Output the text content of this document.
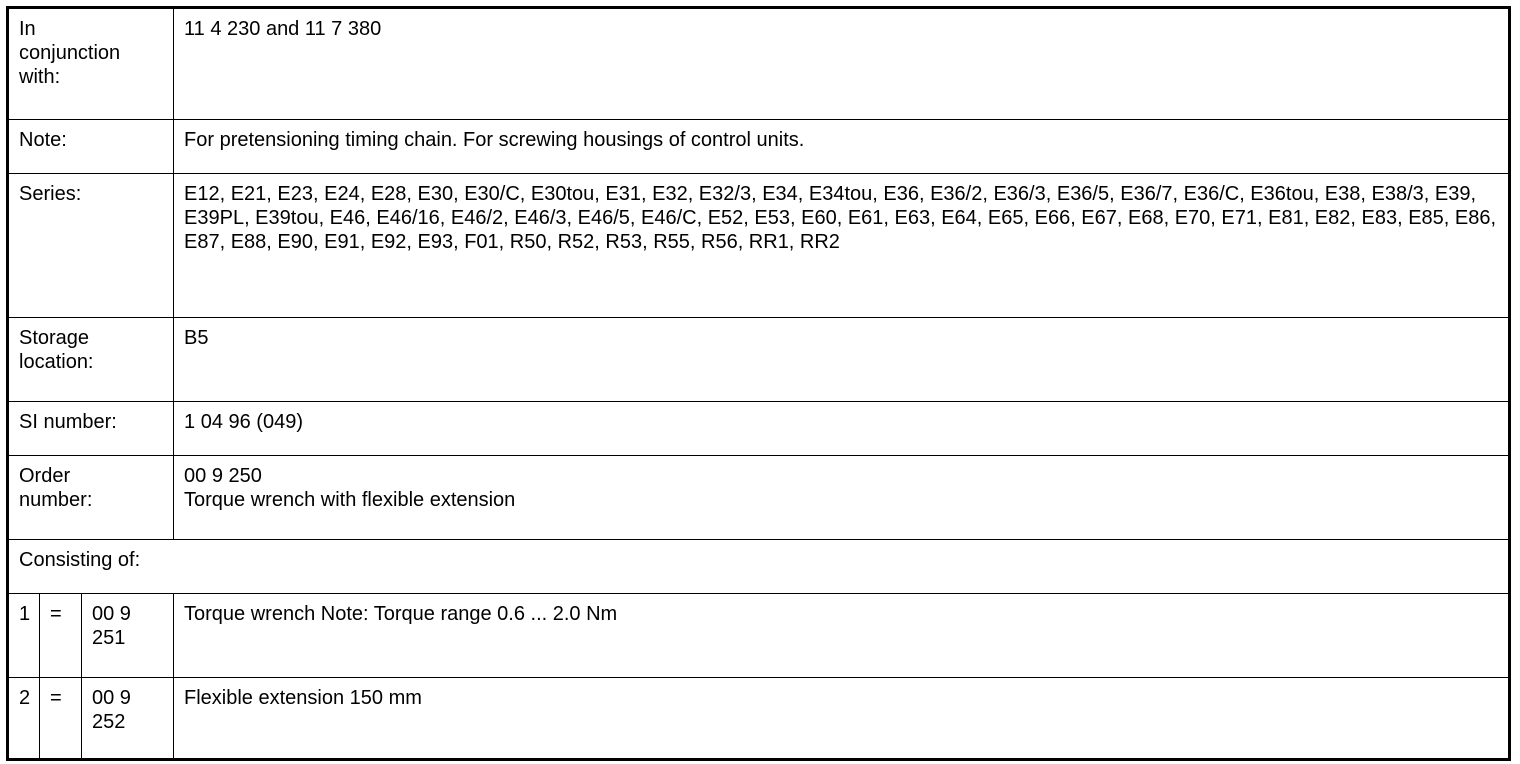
In conjunction with:			11 4 230 and 11 7 380
Note:			For pretensioning timing chain. For screwing housings of control units.
Series:			E12, E21, E23, E24, E28, E30, E30/C, E30tou, E31, E32, E32/3, E34, E34tou, E36, E36/2, E36/3, E36/5, E36/7, E36/C, E36tou, E38, E38/3, E39, E39PL, E39tou, E46, E46/16, E46/2, E46/3, E46/5, E46/C, E52, E53, E60, E61, E63, E64, E65, E66, E67, E68, E70, E71, E81, E82, E83, E85, E86, E87, E88, E90, E91, E92, E93, F01, R50, R52, R53, R55, R56, RR1, RR2

Storage location:			B5
SI number:			1 04 96 (049)

Order number:			00 9 250
Torque wrench with flexible extension

Consisting of:			
1	=	00 9 251	Torque wrench Note: Torque range 0.6 ... 2.0 Nm
2	=	00 9 252	Flexible extension 150 mm
